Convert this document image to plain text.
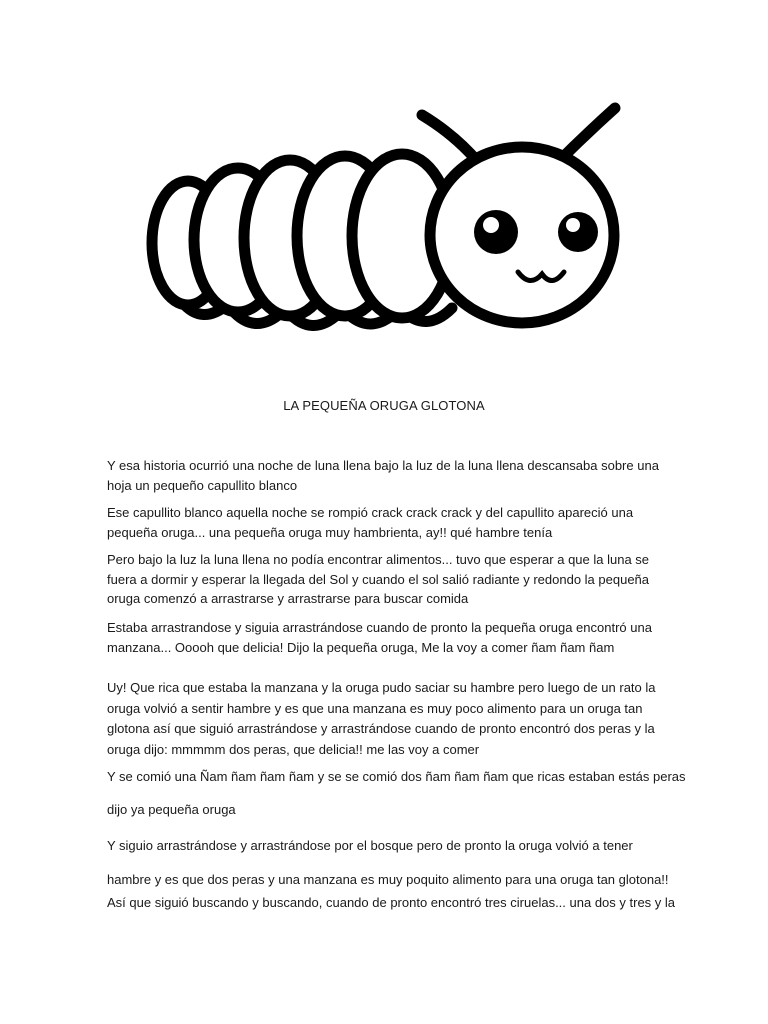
LA PEQUEÑA ORUGA GLOTONA

Y esa historia ocurrió una noche de luna llena bajo la luz de la luna llena descansaba sobre una
hoja un pequeño capullito blanco

Ese capullito blanco aquella noche se rompió crack crack crack y del capullito apareció una
pequeña oruga... una pequeña oruga muy hambrienta, ay!! qué hambre tenía

Pero bajo la luz la luna llena no podía encontrar alimentos... tuvo que esperar a que la luna se
fuera a dormir y esperar la llegada del Sol y cuando el sol salió radiante y redondo la pequeña
oruga comenzó a arrastrarse y arrastrarse para buscar comida

Estaba arrastrandose y siguia arrastrándose cuando de pronto la pequeña oruga encontró una
manzana... Ooooh que delicia! Dijo la pequeña oruga, Me la voy a comer ñam ñam ñam

Uy! Que rica que estaba la manzana y la oruga pudo saciar su hambre pero luego de un rato la
oruga volvió a sentir hambre y es que una manzana es muy poco alimento para un oruga tan
glotona así que siguió arrastrándose y arrastrándose cuando de pronto encontró dos peras y la
oruga dijo: mmmmm dos peras, que delicia!! me las voy a comer

Y se comió una Ñam ñam ñam ñam y se se comió dos ñam ñam ñam que ricas estaban estás peras

dijo ya pequeña oruga

Y siguio arrastrándose y arrastrándose por el bosque pero de pronto la oruga volvió a tener

hambre y es que dos peras y una manzana es muy poquito alimento para una oruga tan glotona!!
Así que siguió buscando y buscando, cuando de pronto encontró tres ciruelas... una dos y tres y la
